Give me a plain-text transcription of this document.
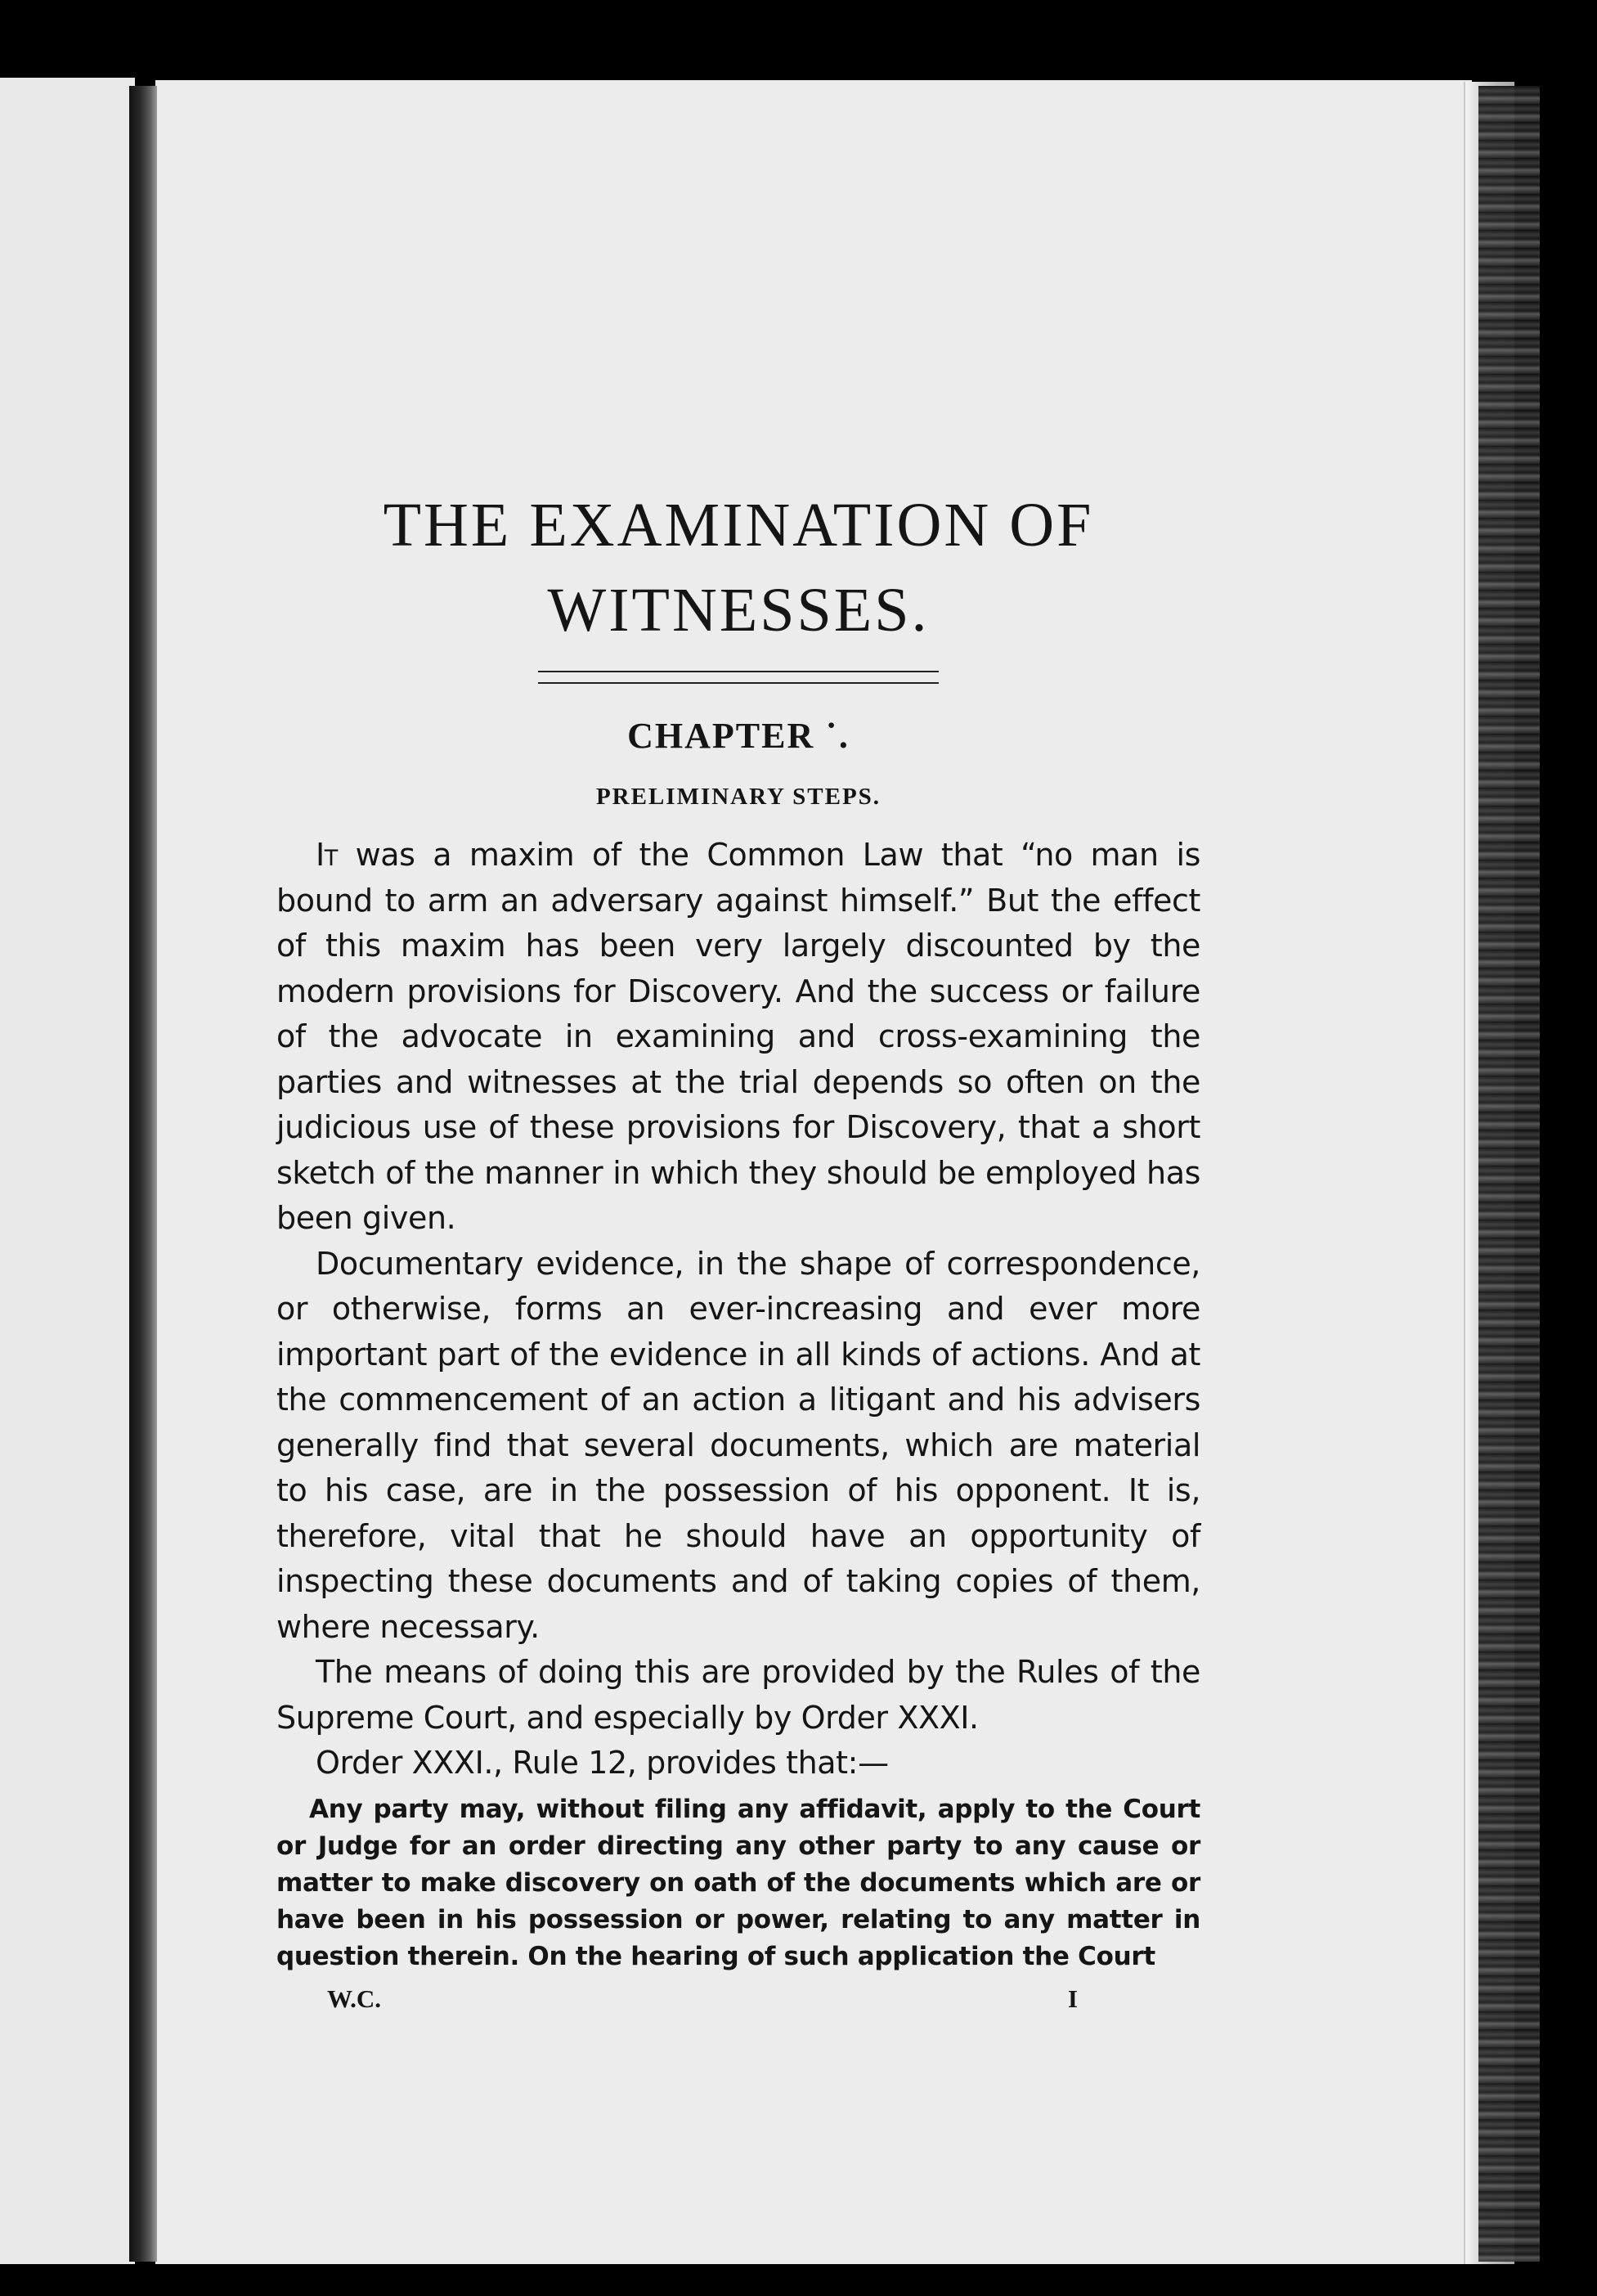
THE EXAMINATION OF
WITNESSES.
CHAPTER ˙.
PRELIMINARY STEPS.

It was a maxim of the Common Law that “no man is bound to arm an adversary against himself.” But the effect of this maxim has been very largely discounted by the modern provisions for Discovery. And the success or failure of the advocate in examining and cross-examining the parties and witnesses at the trial depends so often on the judicious use of these provisions for Discovery, that a short sketch of the manner in which they should be employed has been given.

Documentary evidence, in the shape of correspondence, or otherwise, forms an ever-increasing and ever more important part of the evidence in all kinds of actions. And at the commencement of an action a litigant and his advisers generally find that several documents, which are material to his case, are in the possession of his opponent. It is, therefore, vital that he should have an opportunity of inspecting these documents and of taking copies of them, where necessary.

The means of doing this are provided by the Rules of the Supreme Court, and especially by Order XXXI.

Order XXXI., Rule 12, provides that:—

Any party may, without filing any affidavit, apply to the Court or Judge for an order directing any other party to any cause or matter to make discovery on oath of the documents which are or have been in his possession or power, relating to any matter in question therein. On the hearing of such application the Court

W.C.	I
